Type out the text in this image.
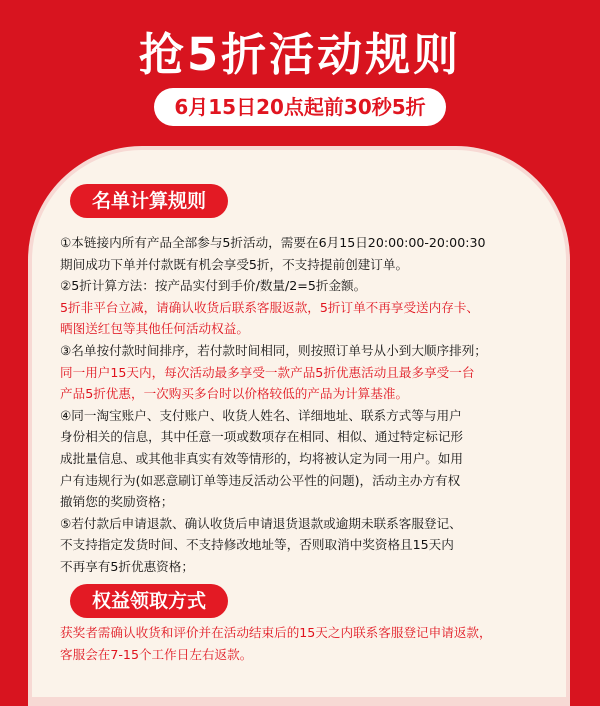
抢5折活动规则
6月15日20点起前30秒5折
名单计算规则
①本链接内所有产品全部参与5折活动，需要在6月15日20:00:00-20:00:30
期间成功下单并付款既有机会享受5折，不支持提前创建订单。
②5折计算方法：按产品实付到手价/数量/2=5折金额。
5折非平台立减，请确认收货后联系客服返款，5折订单不再享受送内存卡、
晒图送红包等其他任何活动权益。
③名单按付款时间排序，若付款时间相同，则按照订单号从小到大顺序排列；
同一用户15天内，每次活动最多享受一款产品5折优惠活动且最多享受一台
产品5折优惠，一次购买多台时以价格较低的产品为计算基准。
④同一淘宝账户、支付账户、收货人姓名、详细地址、联系方式等与用户
身份相关的信息，其中任意一项或数项存在相同、相似、通过特定标记形
成批量信息、或其他非真实有效等情形的，均将被认定为同一用户。如用
户有违规行为(如恶意刷订单等违反活动公平性的问题)，活动主办方有权
撤销您的奖励资格；
⑤若付款后申请退款、确认收货后申请退货退款或逾期未联系客服登记、
不支持指定发货时间、不支持修改地址等，否则取消中奖资格且15天内
不再享有5折优惠资格；
权益领取方式
获奖者需确认收货和评价并在活动结束后的15天之内联系客服登记申请返款，
客服会在7-15个工作日左右返款。
